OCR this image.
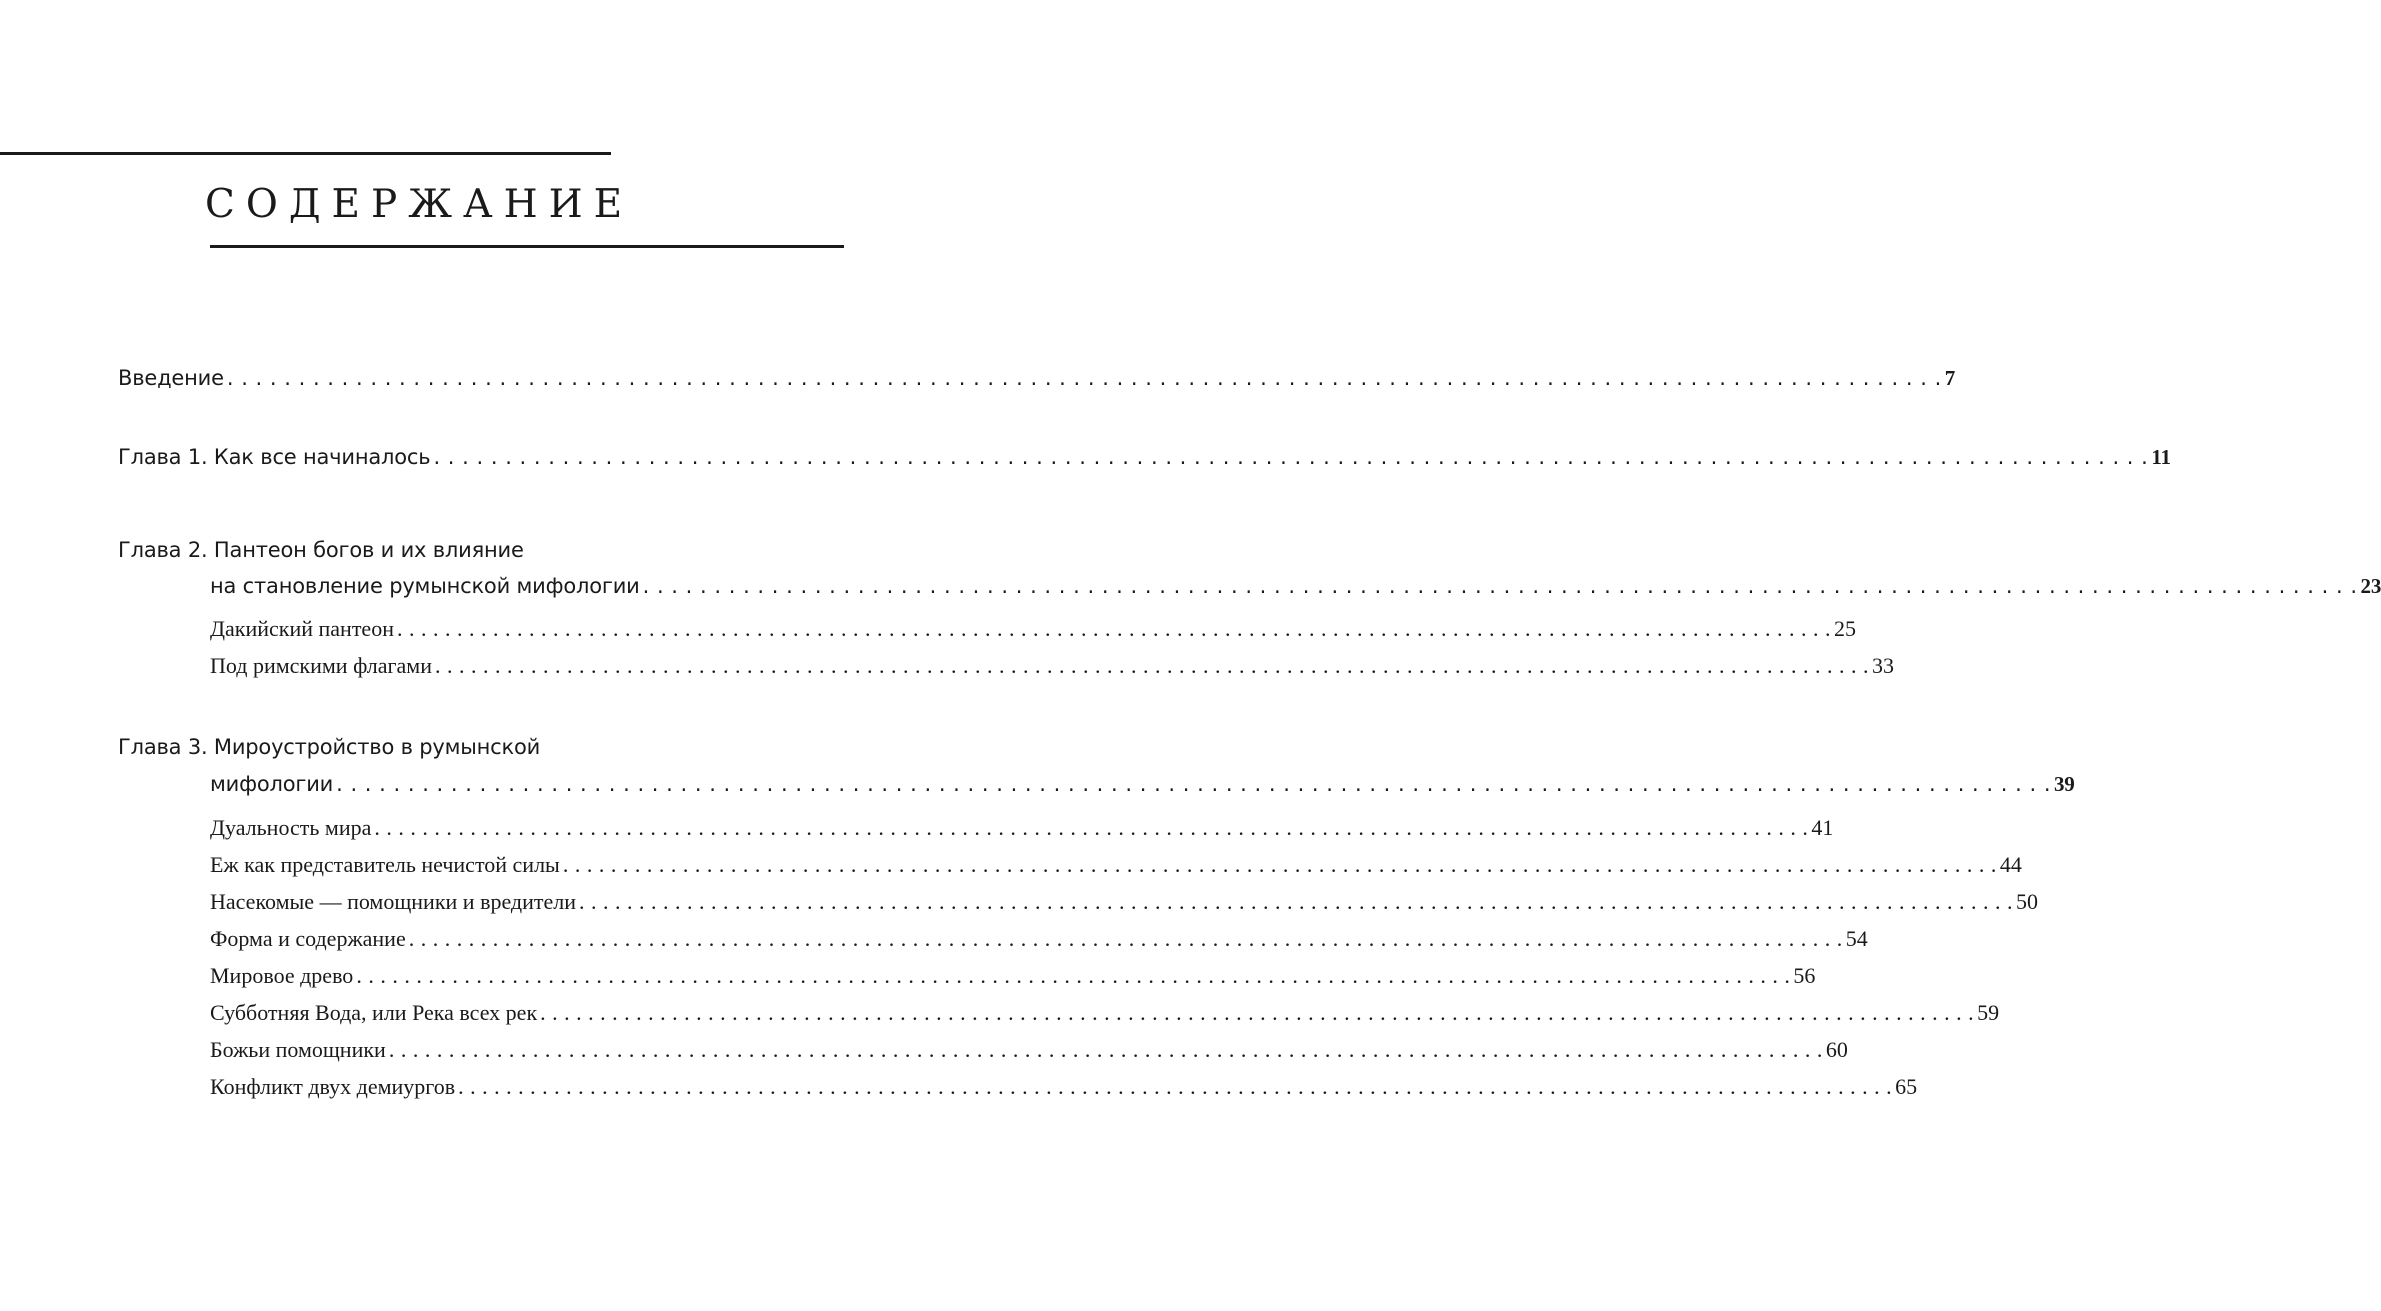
СОДЕРЖАНИЕ
Введение . . . . . . . . . . . . . . . . . . . . . . . . . . . . . . . . . . . . . . . . . . . . . . . . . . . . . . . . . . . . . . . . . . . . . . . . . . . . . . . . . . . . . . . . . . . . . . . . . . . . . . . . . . . . . . . . . . . . . . . . 7
Глава 1. Как все начиналось . . . . . . . . . . . . . . . . . . . . . . . . . . . . . . . . . . . . . . . . . . . . . . . . . . . . . . . . . . . . . . . . . . . . . . . . . . . . . . . . . . . . . . . . . . . . . . . . . . . . . . . . . . . . . . . . . . . . . . . . 11
Глава 2. Пантеон богов и их влияние
на становление румынской мифологии . . . . . . . . . . . . . . . . . . . . . . . . . . . . . . . . . . . . . . . . . . . . . . . . . . . . . . . . . . . . . . . . . . . . . . . . . . . . . . . . . . . . . . . . . . . . . . . . . . . . . . . . . . . . . . . . . . . . . . . . 23
Дакийский пантеон . . . . . . . . . . . . . . . . . . . . . . . . . . . . . . . . . . . . . . . . . . . . . . . . . . . . . . . . . . . . . . . . . . . . . . . . . . . . . . . . . . . . . . . . . . . . . . . . . . . . . . . . . . . . . . . . . . . . . . . . 25
Под римскими флагами . . . . . . . . . . . . . . . . . . . . . . . . . . . . . . . . . . . . . . . . . . . . . . . . . . . . . . . . . . . . . . . . . . . . . . . . . . . . . . . . . . . . . . . . . . . . . . . . . . . . . . . . . . . . . . . . . . . . . . . . 33
Глава 3. Мироустройство в румынской
мифологии . . . . . . . . . . . . . . . . . . . . . . . . . . . . . . . . . . . . . . . . . . . . . . . . . . . . . . . . . . . . . . . . . . . . . . . . . . . . . . . . . . . . . . . . . . . . . . . . . . . . . . . . . . . . . . . . . . . . . . . . 39
Дуальность мира . . . . . . . . . . . . . . . . . . . . . . . . . . . . . . . . . . . . . . . . . . . . . . . . . . . . . . . . . . . . . . . . . . . . . . . . . . . . . . . . . . . . . . . . . . . . . . . . . . . . . . . . . . . . . . . . . . . . . . . . 41
Еж как представитель нечистой силы . . . . . . . . . . . . . . . . . . . . . . . . . . . . . . . . . . . . . . . . . . . . . . . . . . . . . . . . . . . . . . . . . . . . . . . . . . . . . . . . . . . . . . . . . . . . . . . . . . . . . . . . . . . . . . . . . . . . . . . . 44
Насекомые — помощники и вредители . . . . . . . . . . . . . . . . . . . . . . . . . . . . . . . . . . . . . . . . . . . . . . . . . . . . . . . . . . . . . . . . . . . . . . . . . . . . . . . . . . . . . . . . . . . . . . . . . . . . . . . . . . . . . . . . . . . . . . . . 50
Форма и содержание . . . . . . . . . . . . . . . . . . . . . . . . . . . . . . . . . . . . . . . . . . . . . . . . . . . . . . . . . . . . . . . . . . . . . . . . . . . . . . . . . . . . . . . . . . . . . . . . . . . . . . . . . . . . . . . . . . . . . . . . 54
Мировое древо . . . . . . . . . . . . . . . . . . . . . . . . . . . . . . . . . . . . . . . . . . . . . . . . . . . . . . . . . . . . . . . . . . . . . . . . . . . . . . . . . . . . . . . . . . . . . . . . . . . . . . . . . . . . . . . . . . . . . . . . 56
Субботняя Вода, или Река всех рек . . . . . . . . . . . . . . . . . . . . . . . . . . . . . . . . . . . . . . . . . . . . . . . . . . . . . . . . . . . . . . . . . . . . . . . . . . . . . . . . . . . . . . . . . . . . . . . . . . . . . . . . . . . . . . . . . . . . . . . . 59
Божьи помощники . . . . . . . . . . . . . . . . . . . . . . . . . . . . . . . . . . . . . . . . . . . . . . . . . . . . . . . . . . . . . . . . . . . . . . . . . . . . . . . . . . . . . . . . . . . . . . . . . . . . . . . . . . . . . . . . . . . . . . . . 60
Конфликт двух демиургов . . . . . . . . . . . . . . . . . . . . . . . . . . . . . . . . . . . . . . . . . . . . . . . . . . . . . . . . . . . . . . . . . . . . . . . . . . . . . . . . . . . . . . . . . . . . . . . . . . . . . . . . . . . . . . . . . . . . . . . . 65
